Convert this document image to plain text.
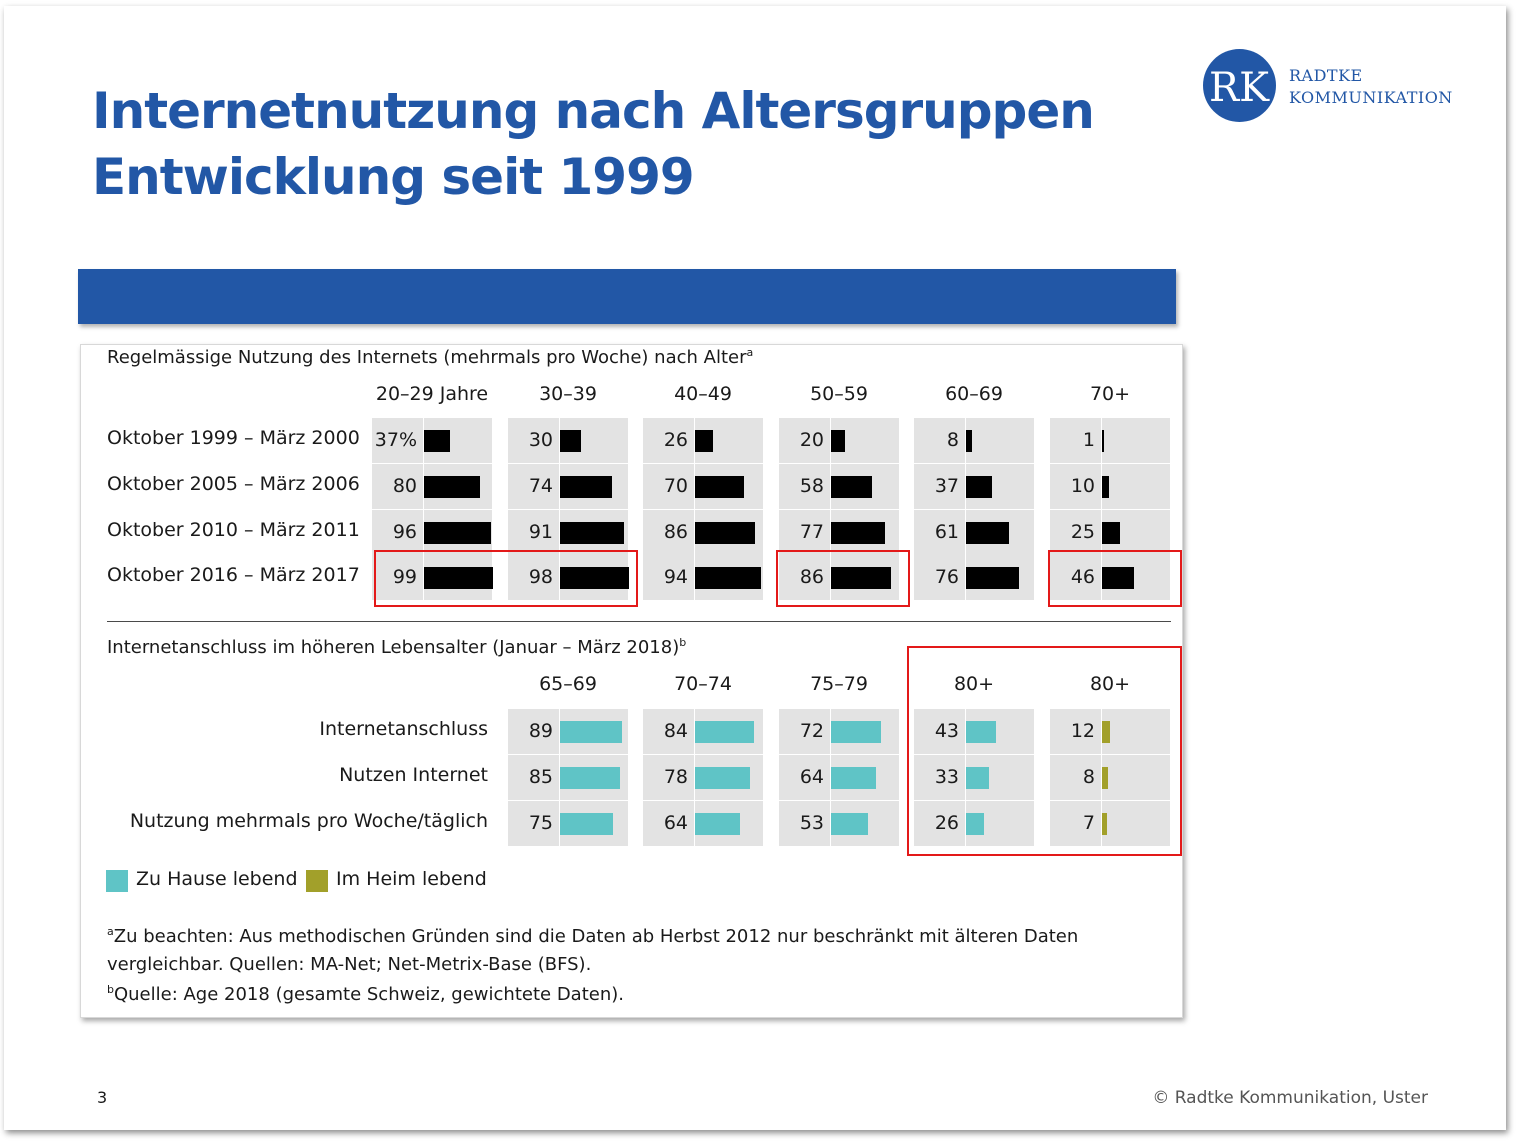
Internetnutzung nach Altersgruppen
Entwicklung seit 1999
RK RADTKE
KOMMUNIKATION
Regelmässige Nutzung des Internets (mehrmals pro Woche) nach Alter$^a$
20–29 Jahre	30–39	40–49	50–59	60–69	70+
Oktober 1999 – März 2000 37%	30	26	20	8	1
Oktober 2005 – März 2006 80	74	70	58	37	10
Oktober 2010 – März 2011 96	91	86	77	61	25
Oktober 2016 – März 2017 99	98	94	86	76	46
Internetanschluss im höheren Lebensalter (Januar – März 2018)$^b$
65–69	70–74	75–79	80+	80+
Internetanschluss 89	84	72	43	12
Nutzen Internet 85	78	64	33	8
Nutzung mehrmals pro Woche/täglich 75	64	53	26	7
Zu Hause lebend Im Heim lebend
$^a$Zu beachten: Aus methodischen Gründen sind die Daten ab Herbst 2012 nur beschränkt mit älteren Daten
vergleichbar. Quellen: MA-Net; Net-Metrix-Base (BFS).
$^b$Quelle: Age 2018 (gesamte Schweiz, gewichtete Daten).
3	© Radtke Kommunikation, Uster
